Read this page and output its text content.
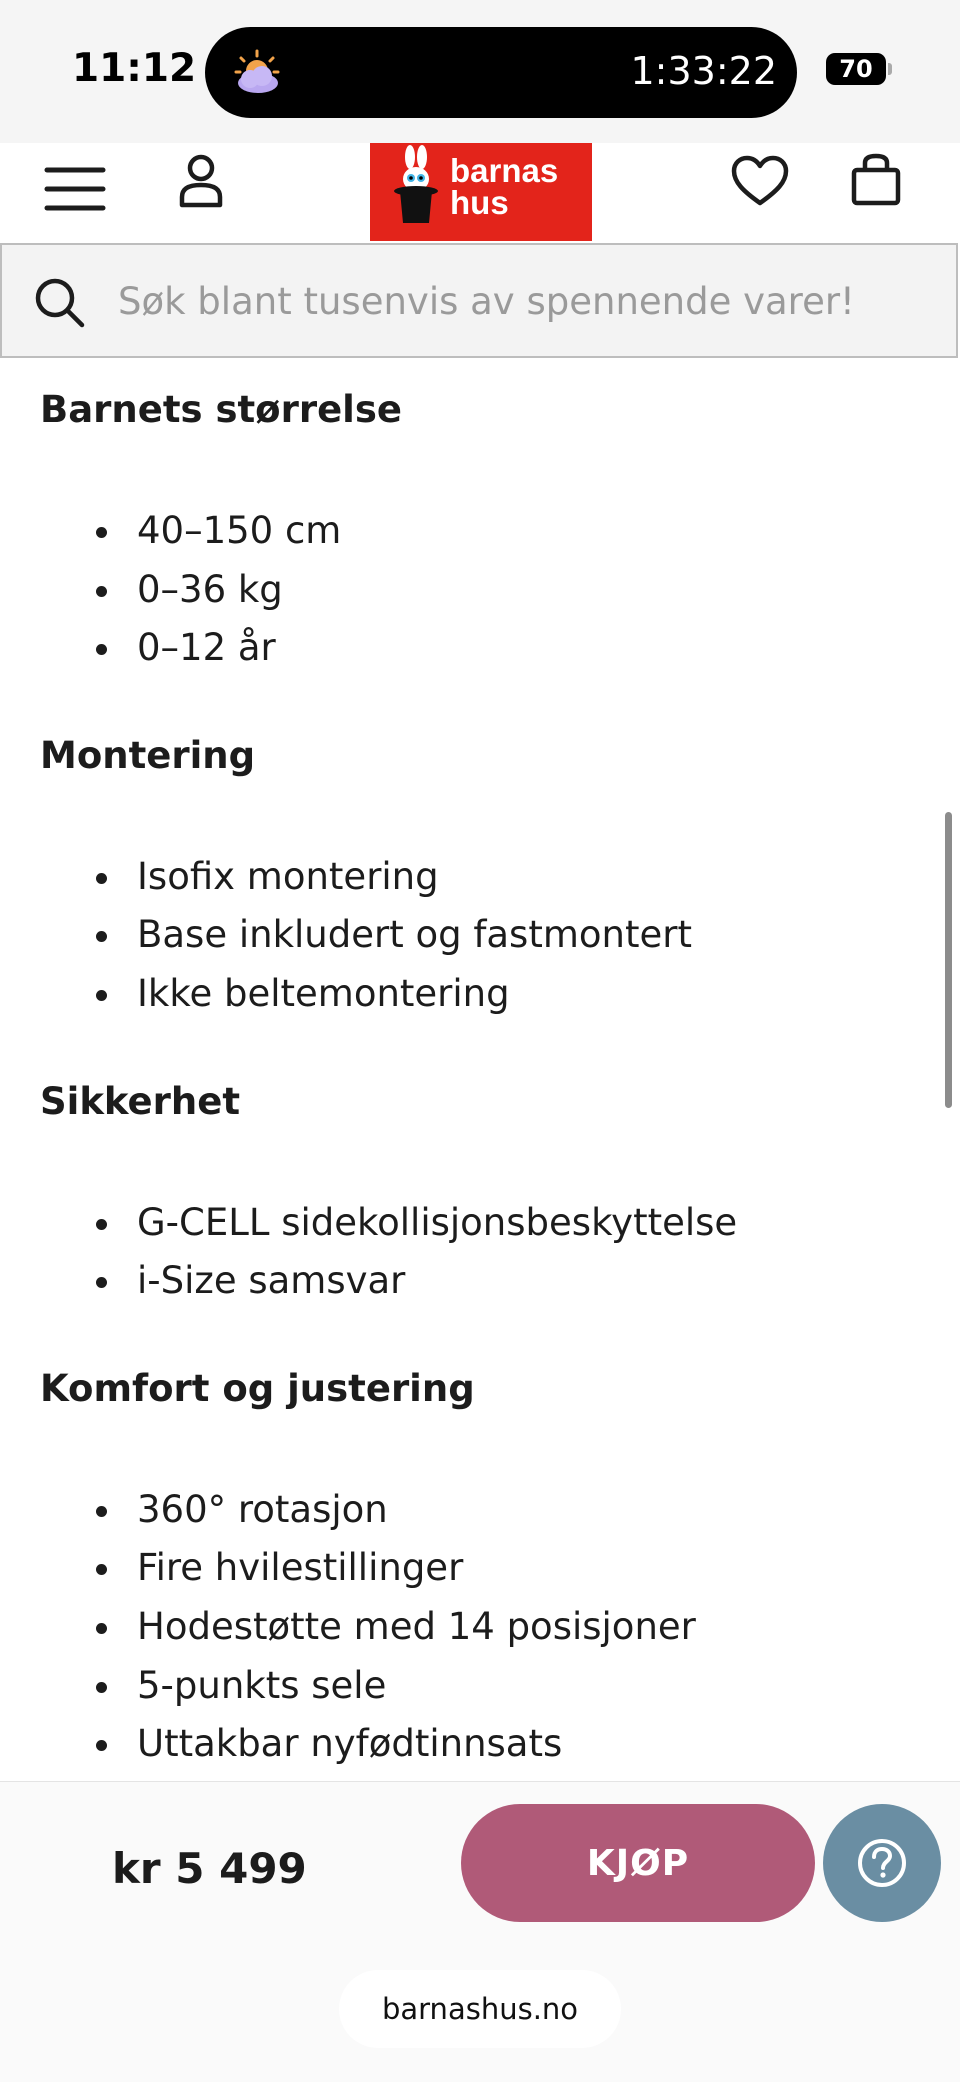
11:12	1:33:22	70
barnas
hus
Søk blant tusenvis av spennende varer!
Barnets størrelse
40–150 cm
0–36 kg
0–12 år
Montering
Isofix montering
Base inkludert og fastmontert
Ikke beltemontering
Sikkerhet
G-CELL sidekollisjonsbeskyttelse
i-Size samsvar
Komfort og justering
360° rotasjon
Fire hvilestillinger
Hodestøtte med 14 posisjoner
5-punkts sele
Uttakbar nyfødtinnsats
kr 5 499	KJØP
barnashus.no
